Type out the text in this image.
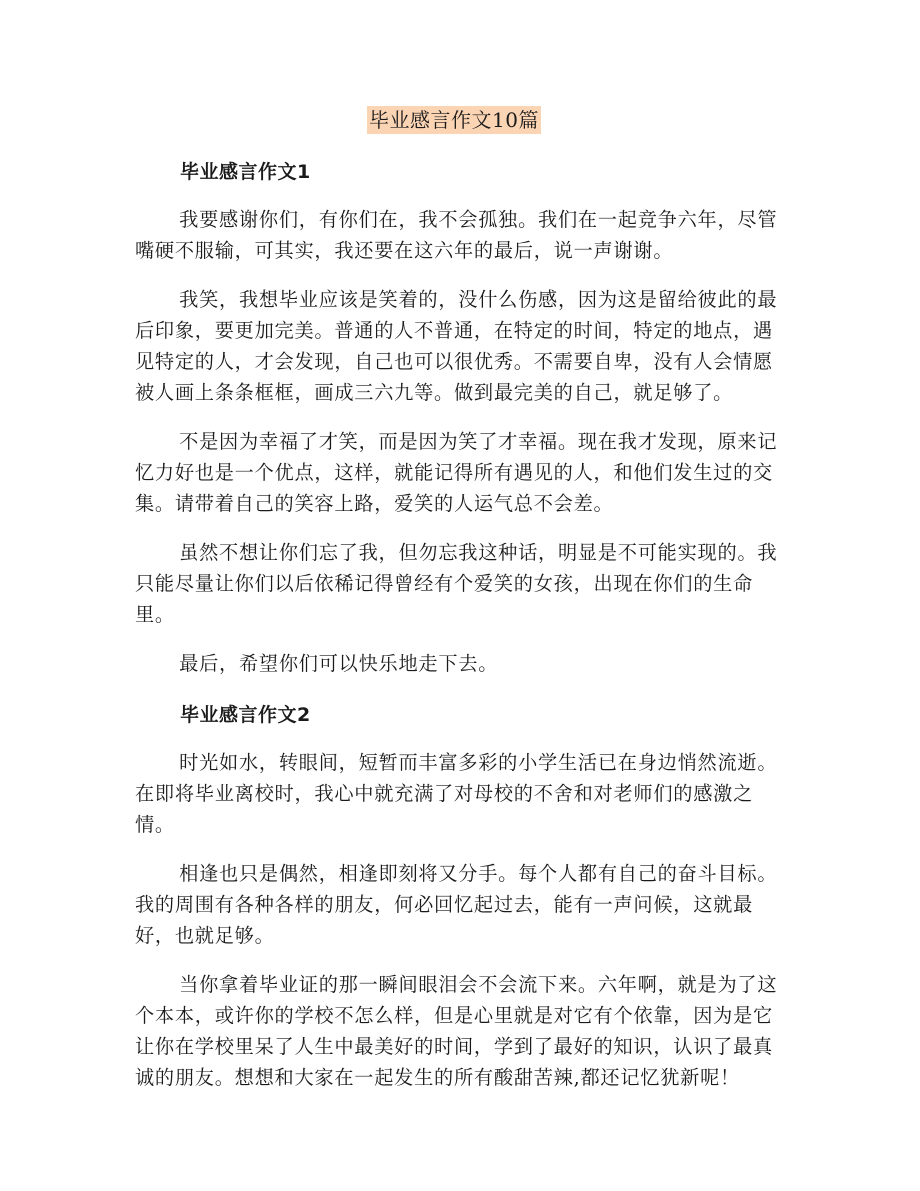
毕业感言作文10篇
毕业感言作文1

我要感谢你们，有你们在，我不会孤独。我们在一起竞争六年，尽管嘴硬不服输，可其实，我还要在这六年的最后，说一声谢谢。

我笑，我想毕业应该是笑着的，没什么伤感，因为这是留给彼此的最后印象，要更加完美。普通的人不普通，在特定的时间，特定的地点，遇见特定的人，才会发现，自己也可以很优秀。不需要自卑，没有人会情愿被人画上条条框框，画成三六九等。做到最完美的自己，就足够了。

不是因为幸福了才笑，而是因为笑了才幸福。现在我才发现，原来记忆力好也是一个优点，这样，就能记得所有遇见的人，和他们发生过的交集。请带着自己的笑容上路，爱笑的人运气总不会差。

虽然不想让你们忘了我，但勿忘我这种话，明显是不可能实现的。我只能尽量让你们以后依稀记得曾经有个爱笑的女孩，出现在你们的生命里。

最后，希望你们可以快乐地走下去。

毕业感言作文2

时光如水，转眼间，短暂而丰富多彩的小学生活已在身边悄然流逝。在即将毕业离校时，我心中就充满了对母校的不舍和对老师们的感激之情。

相逢也只是偶然，相逢即刻将又分手。每个人都有自己的奋斗目标。我的周围有各种各样的朋友，何必回忆起过去，能有一声问候，这就最好，也就足够。

当你拿着毕业证的那一瞬间眼泪会不会流下来。六年啊，就是为了这个本本，或许你的学校不怎么样，但是心里就是对它有个依靠，因为是它让你在学校里呆了人生中最美好的时间，学到了最好的知识，认识了最真诚的朋友。想想和大家在一起发生的所有酸甜苦辣,都还记忆犹新呢！
